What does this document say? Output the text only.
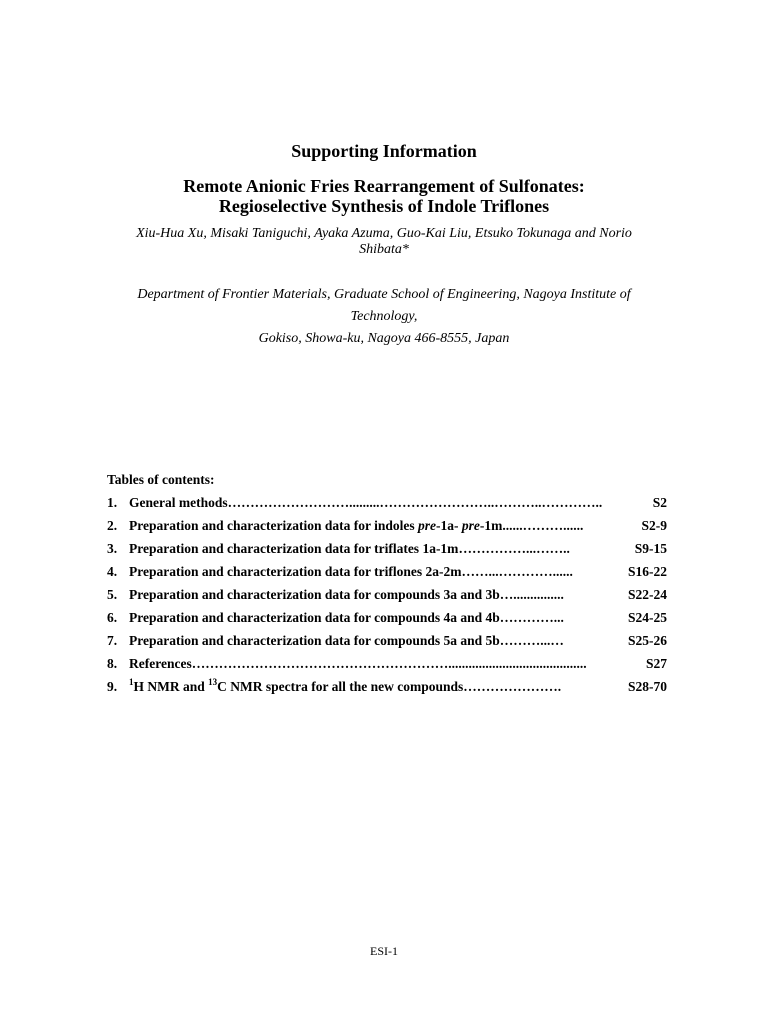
Supporting Information
Remote Anionic Fries Rearrangement of Sulfonates:
Regioselective Synthesis of Indole Triflones
Xiu-Hua Xu, Misaki Taniguchi, Ayaka Azuma, Guo-Kai Liu, Etsuko Tokunaga and Norio Shibata*
Department of Frontier Materials, Graduate School of Engineering, Nagoya Institute of
Technology,
Gokiso, Showa-ku, Nagoya 466-8555, Japan
Tables of contents:
1. General methods ……………………….........……………………..………..…………..	S2
2. Preparation and characterization data for indoles pre-1a- pre-1m ......………......	S2-9
3. Preparation and characterization data for triflates 1a-1m ……………...……..	S9-15
4. Preparation and characterization data for triflones 2a-2m ……...…………......	S16-22
5. Preparation and characterization data for compounds 3a and 3b …...............	S22-24
6. Preparation and characterization data for compounds 4a and 4b …………...	S24-25
7. Preparation and characterization data for compounds 5a and 5b ………...…	S25-26
8. References ………………………………………………….........................................	S27
9.	$^1$H NMR and $^{13}$C NMR spectra for all the new compounds ………………….	S28-70
ESI-1
